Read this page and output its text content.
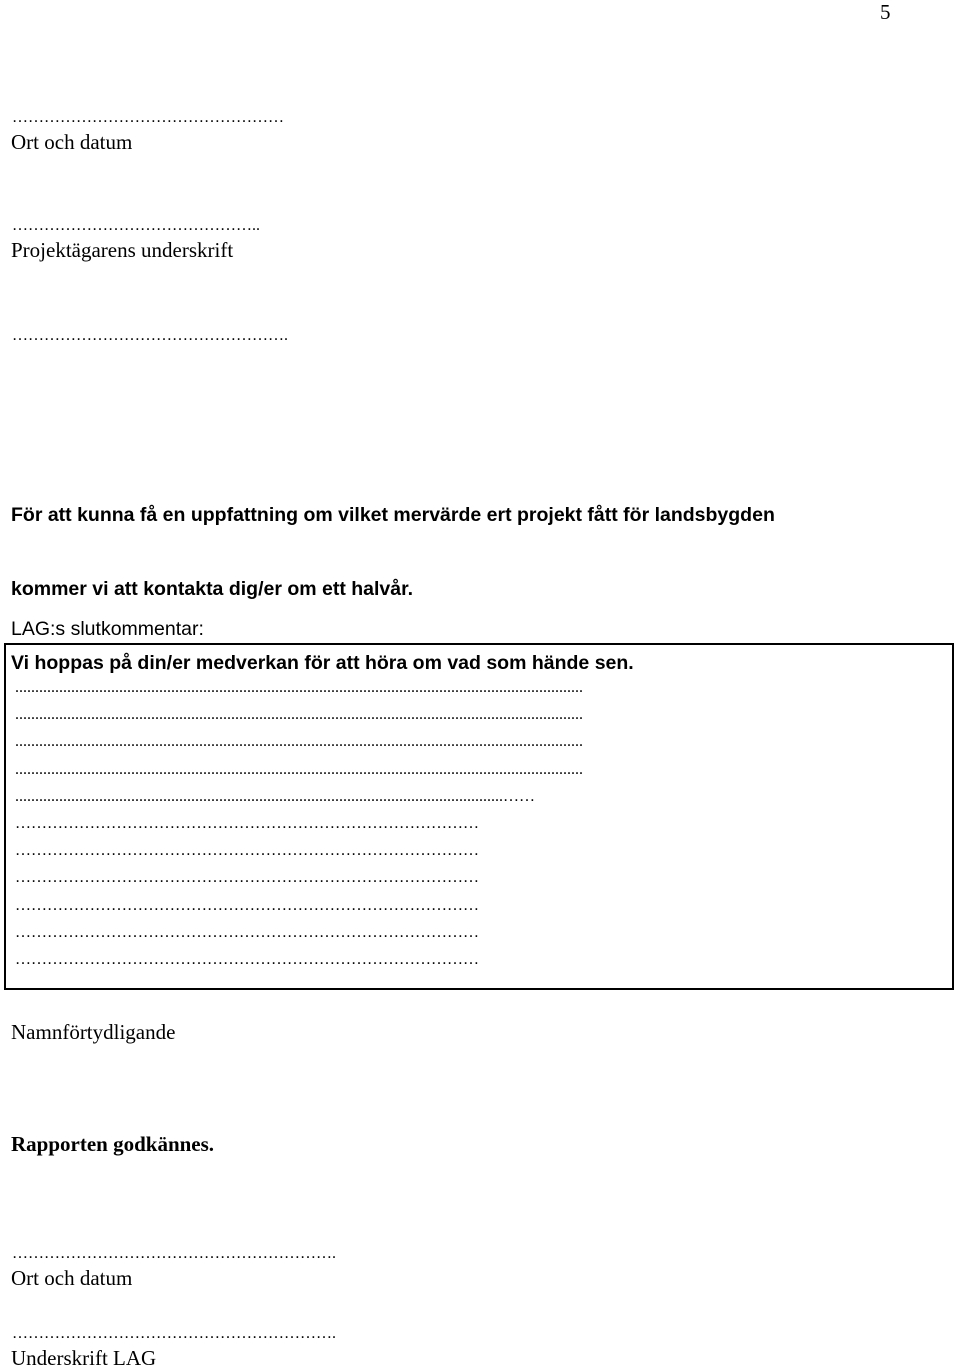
5
……………………………………………
Ort och datum
………………………………………..
Projektägarens underskrift
…………………………………………….

För att kunna få en uppfattning om vilket mervärde ert projekt fått för landsbygden

kommer vi att kontakta dig/er om ett halvår.

Vi hoppas på din/er medverkan för att höra om vad som hände sen.

LAG:s slutkommentar:
..............................................................................................................................................
..............................................................................................................................................
..............................................................................................................................................
..............................................................................................................................................
..........................................................................................................................……
……………………………………………………………………………
……………………………………………………………………………
……………………………………………………………………………
……………………………………………………………………………
……………………………………………………………………………
……………………………………………………………………………
Namnförtydligande
Rapporten godkännes.
…………………………………………………….
Ort och datum
…………………………………………………….
Underskrift LAG
